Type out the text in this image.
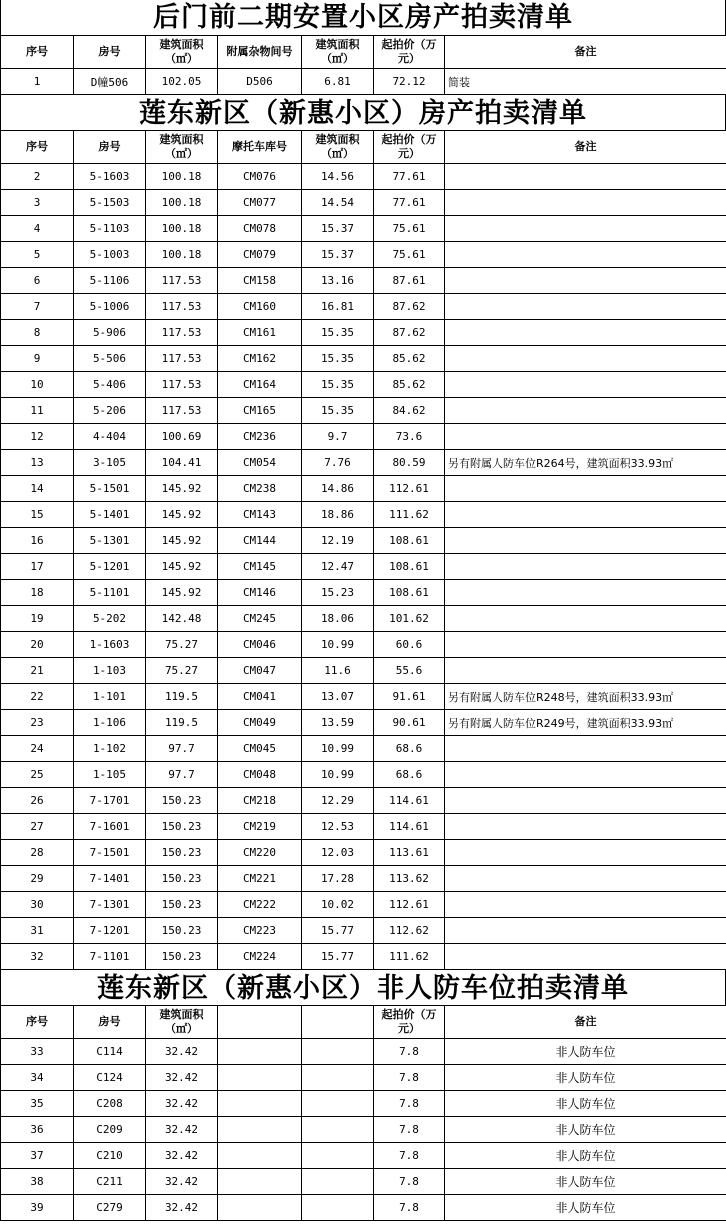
后门前二期安置小区房产拍卖清单
序号	房号	建筑面积（㎡）	附属杂物间号	建筑面积（㎡）	起拍价（万元）	备注
1	D幢506	102.05	D506	6.81	72.12	简装
莲东新区（新惠小区）房产拍卖清单
序号	房号	建筑面积（㎡）	摩托车库号	建筑面积（㎡）	起拍价（万元）	备注
2	5-1603	100.18	CM076	14.56	77.61	
3	5-1503	100.18	CM077	14.54	77.61	
4	5-1103	100.18	CM078	15.37	75.61	
5	5-1003	100.18	CM079	15.37	75.61	
6	5-1106	117.53	CM158	13.16	87.61	
7	5-1006	117.53	CM160	16.81	87.62	
8	5-906	117.53	CM161	15.35	87.62	
9	5-506	117.53	CM162	15.35	85.62	
10	5-406	117.53	CM164	15.35	85.62	
11	5-206	117.53	CM165	15.35	84.62	
12	4-404	100.69	CM236	9.7	73.6	
13	3-105	104.41	CM054	7.76	80.59	另有附属人防车位R264号，建筑面积33.93㎡
14	5-1501	145.92	CM238	14.86	112.61	
15	5-1401	145.92	CM143	18.86	111.62	
16	5-1301	145.92	CM144	12.19	108.61	
17	5-1201	145.92	CM145	12.47	108.61	
18	5-1101	145.92	CM146	15.23	108.61	
19	5-202	142.48	CM245	18.06	101.62	
20	1-1603	75.27	CM046	10.99	60.6	
21	1-103	75.27	CM047	11.6	55.6	
22	1-101	119.5	CM041	13.07	91.61	另有附属人防车位R248号，建筑面积33.93㎡
23	1-106	119.5	CM049	13.59	90.61	另有附属人防车位R249号，建筑面积33.93㎡
24	1-102	97.7	CM045	10.99	68.6	
25	1-105	97.7	CM048	10.99	68.6	
26	7-1701	150.23	CM218	12.29	114.61	
27	7-1601	150.23	CM219	12.53	114.61	
28	7-1501	150.23	CM220	12.03	113.61	
29	7-1401	150.23	CM221	17.28	113.62	
30	7-1301	150.23	CM222	10.02	112.61	
31	7-1201	150.23	CM223	15.77	112.62	
32	7-1101	150.23	CM224	15.77	111.62	
莲东新区（新惠小区）非人防车位拍卖清单
序号	房号	建筑面积（㎡）			起拍价（万元）	备注
33	C114	32.42			7.8	非人防车位
34	C124	32.42			7.8	非人防车位
35	C208	32.42			7.8	非人防车位
36	C209	32.42			7.8	非人防车位
37	C210	32.42			7.8	非人防车位
38	C211	32.42			7.8	非人防车位
39	C279	32.42			7.8	非人防车位
